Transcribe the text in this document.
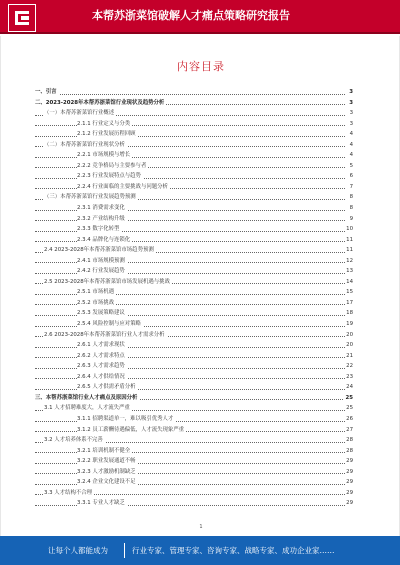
本帮苏浙菜馆破解人才痛点策略研究报告
内容目录
一、引言	3
二、2023-2028年本帮苏浙菜馆行业现状及趋势分析	3
（一）本帮苏浙菜馆行业概述	3
2.1.1 行业定义与分类	3
2.1.2 行业发展历程回顾	4
（二）本帮苏浙菜馆行业现状分析	4
2.2.1 市场规模与增长	4
2.2.2 竞争格局与主要参与者	5
2.2.3 行业发展特点与趋势	6
2.2.4 行业面临的主要挑战与问题分析	7
（三）本帮苏浙菜馆行业发展趋势预测	8
2.3.1 消费需求变化	8
2.3.2 产业结构升级	9
2.3.3 数字化转型	10
2.3.4 品牌化与连锁化	11
2.4 2023-2028年本帮苏浙菜馆市场趋势预测	11
2.4.1 市场规模预测	12
2.4.2 行业发展趋势	13
2.5 2023-2028年本帮苏浙菜馆市场发展机遇与挑战	14
2.5.1 市场机遇	15
2.5.2 市场挑战	17
2.5.3 发展策略建议	18
2.5.4 风险控制与应对策略	19
2.6 2023-2028年本帮苏浙菜馆行业人才需求分析	20
2.6.1 人才需求现状	20
2.6.2 人才需求特点	21
2.6.3 人才需求趋势	22
2.6.4 人才供给情况	23
2.6.5 人才供需矛盾分析	24
三、本帮苏浙菜馆行业人才痛点及原因分析	25
3.1 人才招聘难度大，人才流失严重	25
3.1.1 招聘渠道单一，难以吸引优秀人才	26
3.1.2 员工薪酬待遇偏低，人才流失现象严重	27
3.2 人才培养体系不完善	28
3.2.1 培训机制不健全	28
3.2.2 职业发展通道不畅	29
3.2.3 人才激励机制缺乏	29
3.2.4 企业文化建设不足	29
3.3 人才结构不合理	29
3.3.1 专业人才缺乏	29
1
让每个人都能成为	行业专家、管理专家、咨询专家、战略专家、成功企业家……
